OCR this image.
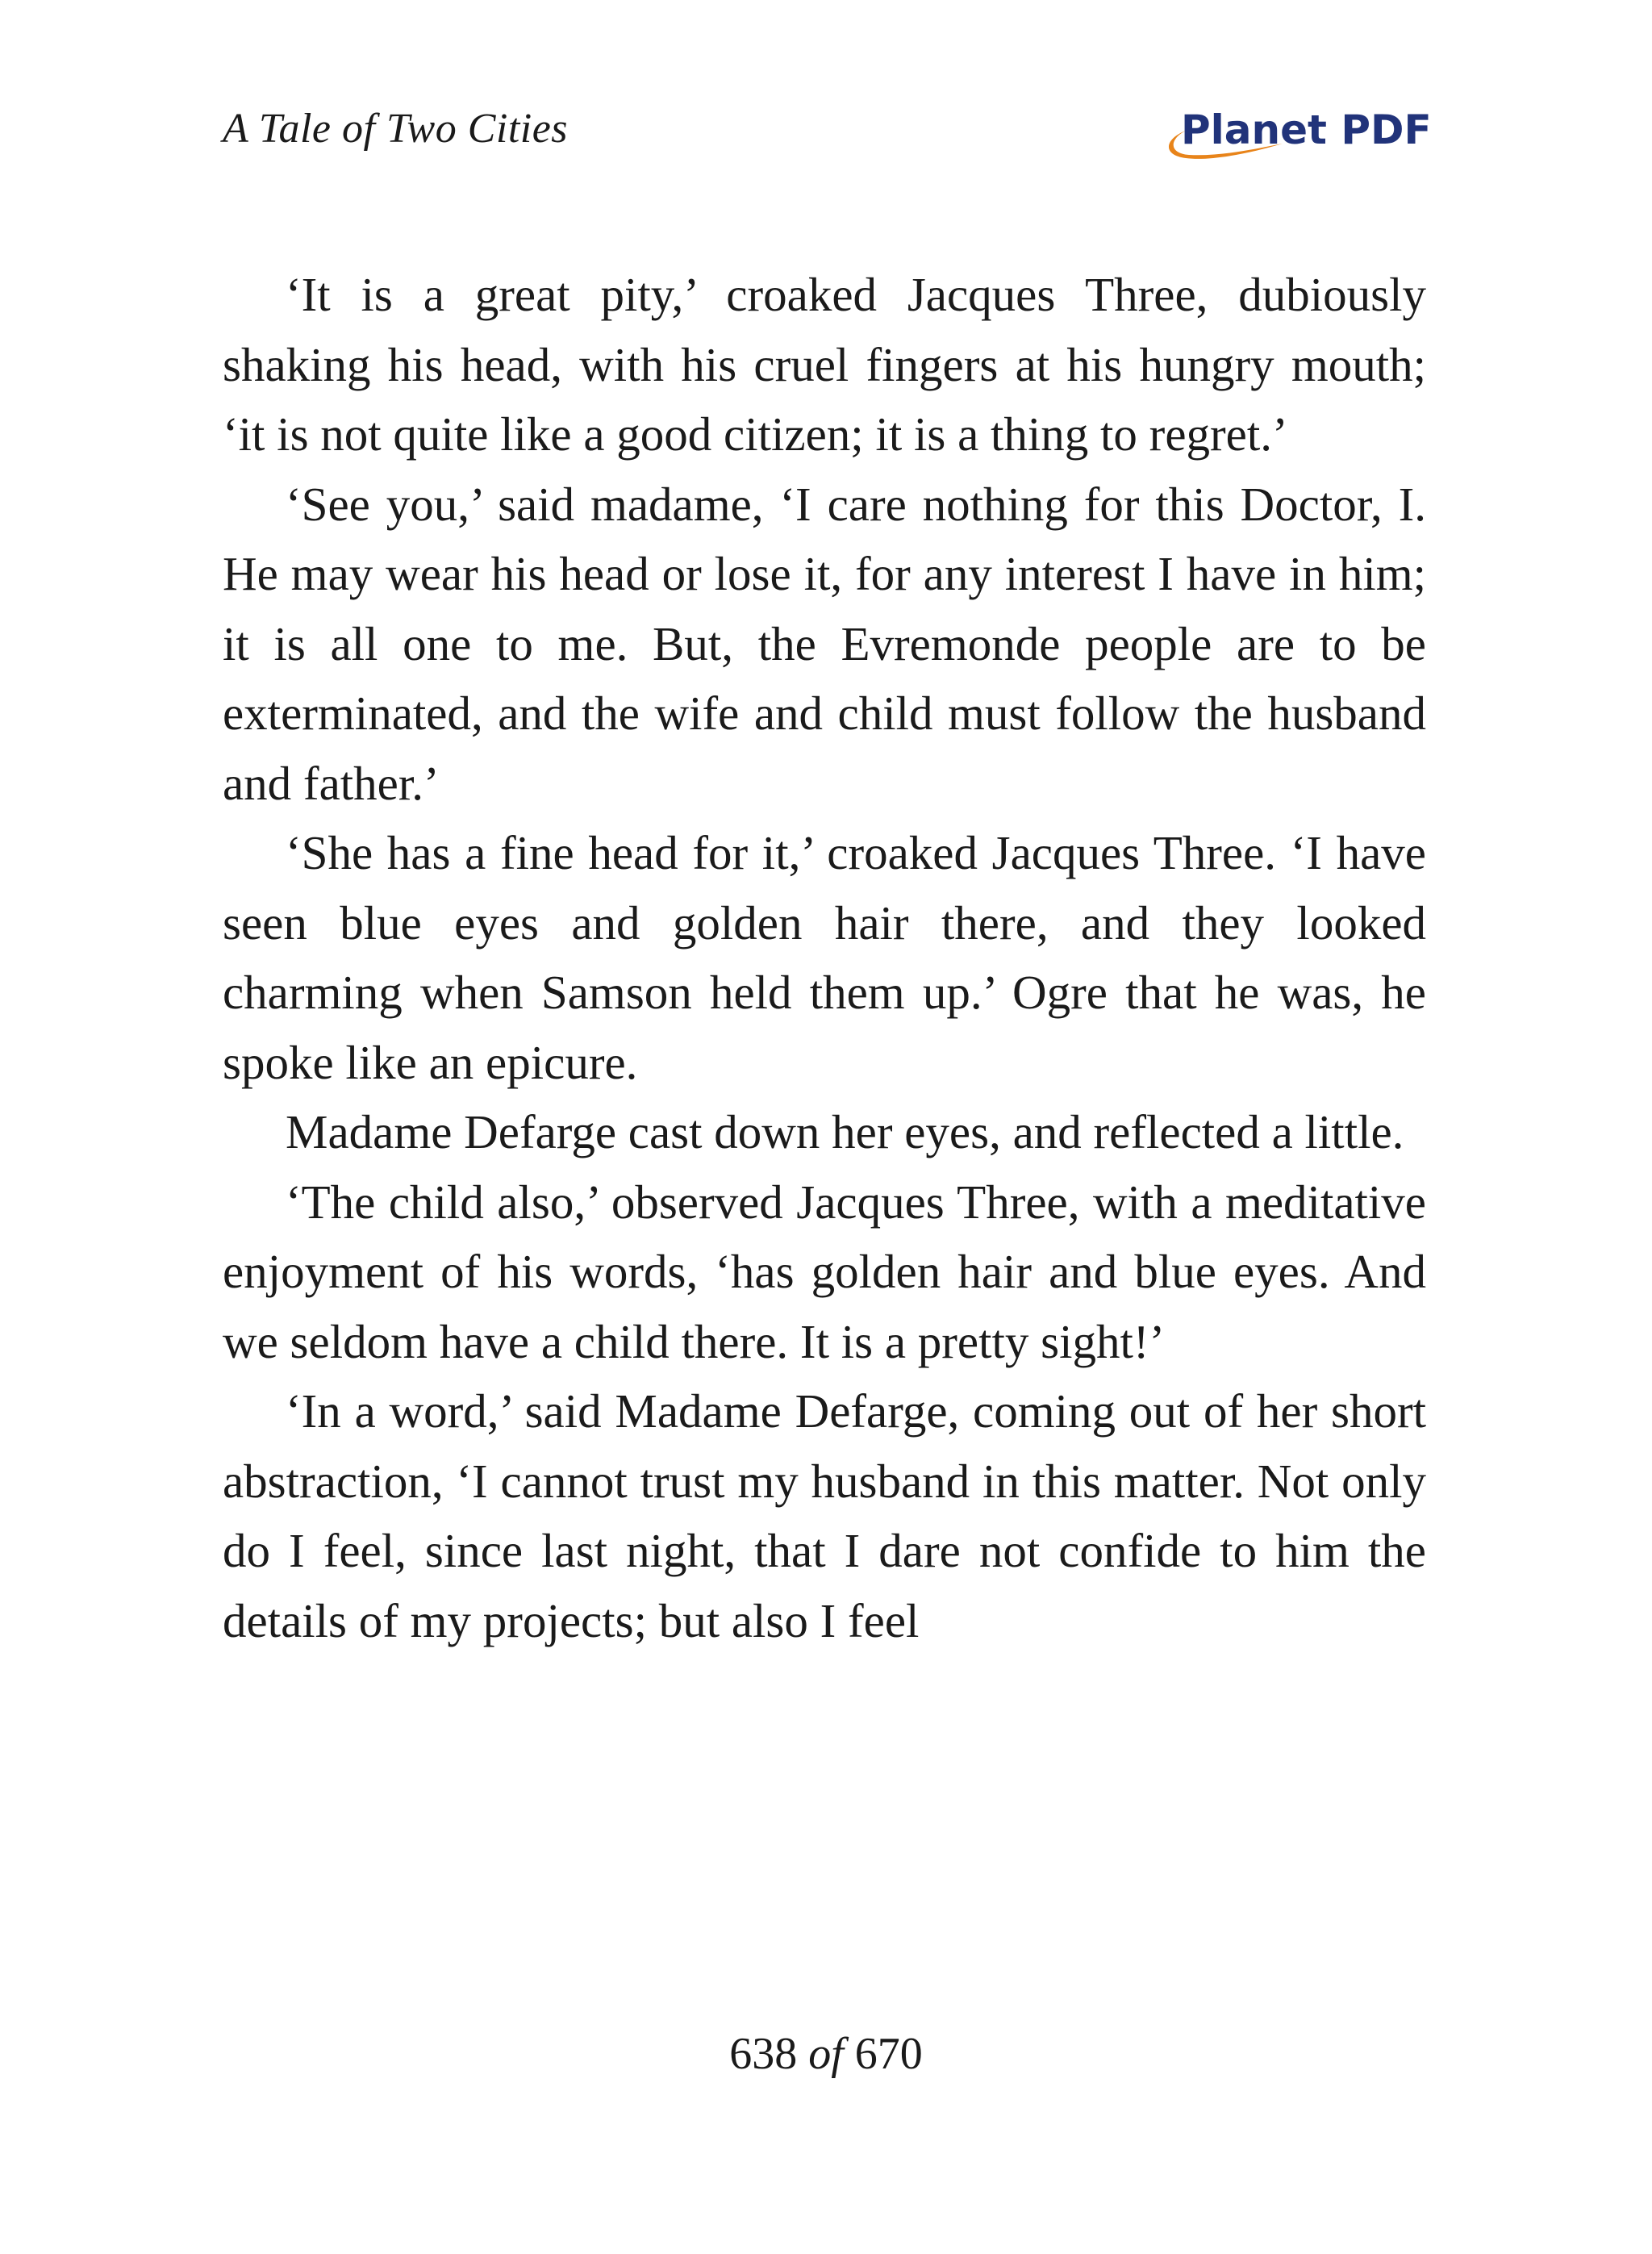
A Tale of Two Cities	Planet PDF

‘It is a great pity,’ croaked Jacques Three, dubiously shaking his head, with his cruel fingers at his hungry mouth; ‘it is not quite like a good citizen; it is a thing to regret.’

‘See you,’ said madame, ‘I care nothing for this Doctor, I. He may wear his head or lose it, for any interest I have in him; it is all one to me. But, the Evremonde people are to be exterminated, and the wife and child must follow the husband and father.’

‘She has a fine head for it,’ croaked Jacques Three. ‘I have seen blue eyes and golden hair there, and they looked charming when Samson held them up.’ Ogre that he was, he spoke like an epicure.

Madame Defarge cast down her eyes, and reflected a little.

‘The child also,’ observed Jacques Three, with a meditative enjoyment of his words, ‘has golden hair and blue eyes. And we seldom have a child there. It is a pretty sight!’

‘In a word,’ said Madame Defarge, coming out of her short abstraction, ‘I cannot trust my husband in this matter. Not only do I feel, since last night, that I dare not confide to him the details of my projects; but also I feel

638 of 670
